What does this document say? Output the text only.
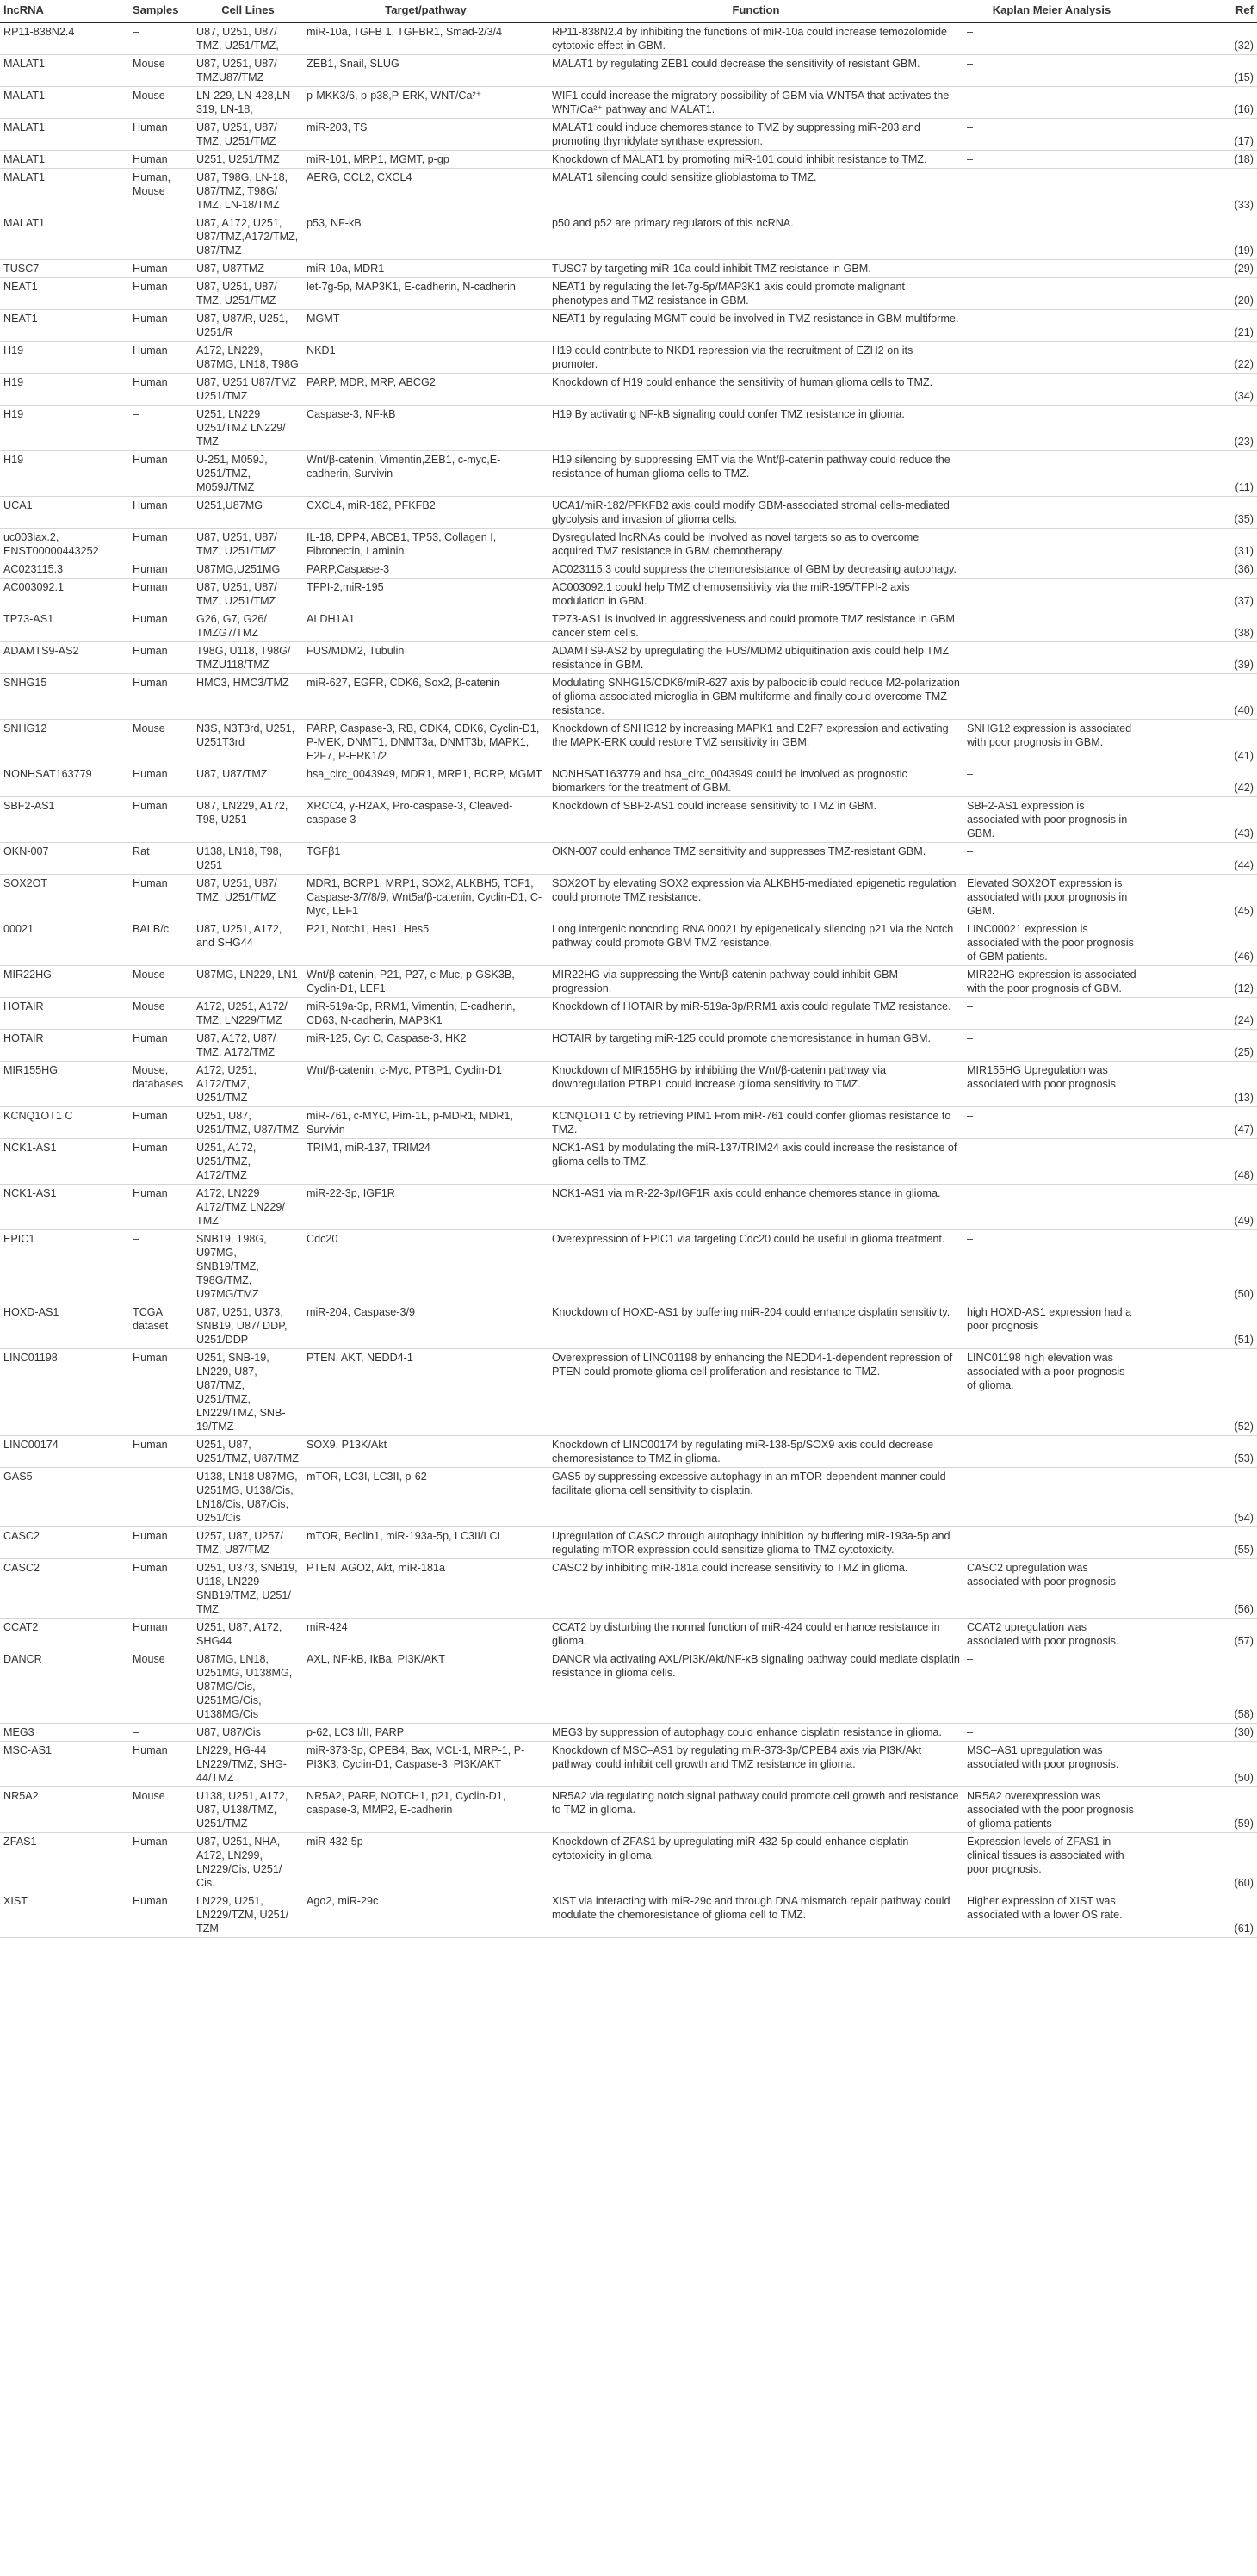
lncRNA	Samples	Cell Lines	Target/pathway	Function	Kaplan Meier Analysis	Ref
RP11-838N2.4	–	U87, U251, U87/ TMZ, U251/TMZ,	miR-10a, TGFB 1, TGFBR1, Smad-2/3/4	RP11-838N2.4 by inhibiting the functions of miR-10a could increase temozolomide cytotoxic effect in GBM.	–	(32)
MALAT1	Mouse	U87, U251, U87/ TMZU87/TMZ	ZEB1, Snail, SLUG	MALAT1 by regulating ZEB1 could decrease the sensitivity of resistant GBM.	–	(15)
MALAT1	Mouse	LN-229, LN-428,LN-319, LN-18,	p-MKK3/6, p-p38,P-ERK, WNT/Ca²⁺	WIF1 could increase the migratory possibility of GBM via WNT5A that activates the WNT/Ca²⁺ pathway and MALAT1.	–	(16)
MALAT1	Human	U87, U251, U87/ TMZ, U251/TMZ	miR-203, TS	MALAT1 could induce chemoresistance to TMZ by suppressing miR-203 and promoting thymidylate synthase expression.	–	(17)
MALAT1	Human	U251, U251/TMZ	miR-101, MRP1, MGMT, p-gp	Knockdown of MALAT1 by promoting miR-101 could inhibit resistance to TMZ.	–	(18)
MALAT1	Human, Mouse	U87, T98G, LN-18, U87/TMZ, T98G/ TMZ, LN-18/TMZ	AERG, CCL2, CXCL4	MALAT1 silencing could sensitize glioblastoma to TMZ.		(33)
MALAT1		U87, A172, U251, U87/TMZ,A172/TMZ, U87/TMZ	p53, NF-kB	p50 and p52 are primary regulators of this ncRNA.		(19)
TUSC7	Human	U87, U87TMZ	miR-10a, MDR1	TUSC7 by targeting miR-10a could inhibit TMZ resistance in GBM.		(29)
NEAT1	Human	U87, U251, U87/ TMZ, U251/TMZ	let-7g-5p, MAP3K1, E-cadherin, N-cadherin	NEAT1 by regulating the let-7g-5p/MAP3K1 axis could promote malignant phenotypes and TMZ resistance in GBM.		(20)
NEAT1	Human	U87, U87/R, U251, U251/R	MGMT	NEAT1 by regulating MGMT could be involved in TMZ resistance in GBM multiforme.		(21)
H19	Human	A172, LN229, U87MG, LN18, T98G	NKD1	H19 could contribute to NKD1 repression via the recruitment of EZH2 on its promoter.		(22)
H19	Human	U87, U251 U87/TMZ U251/TMZ	PARP, MDR, MRP, ABCG2	Knockdown of H19 could enhance the sensitivity of human glioma cells to TMZ.		(34)
H19	–	U251, LN229 U251/TMZ LN229/ TMZ	Caspase-3, NF-kB	H19 By activating NF-kB signaling could confer TMZ resistance in glioma.		(23)
H19	Human	U-251, M059J, U251/TMZ, M059J/TMZ	Wnt/β-catenin, Vimentin,ZEB1, c-myc,E-cadherin, Survivin	H19 silencing by suppressing EMT via the Wnt/β-catenin pathway could reduce the resistance of human glioma cells to TMZ.		(11)
UCA1	Human	U251,U87MG	CXCL4, miR-182, PFKFB2	UCA1/miR-182/PFKFB2 axis could modify GBM-associated stromal cells-mediated glycolysis and invasion of glioma cells.		(35)
uc003iax.2, ENST00000443252	Human	U87, U251, U87/ TMZ, U251/TMZ	IL-18, DPP4, ABCB1, TP53, Collagen I, Fibronectin, Laminin	Dysregulated lncRNAs could be involved as novel targets so as to overcome acquired TMZ resistance in GBM chemotherapy.		(31)
AC023115.3	Human	U87MG,U251MG	PARP,Caspase-3	AC023115.3 could suppress the chemoresistance of GBM by decreasing autophagy.		(36)
AC003092.1	Human	U87, U251, U87/ TMZ, U251/TMZ	TFPI-2,miR-195	AC003092.1 could help TMZ chemosensitivity via the miR-195/TFPI-2 axis modulation in GBM.		(37)
TP73-AS1	Human	G26, G7, G26/ TMZG7/TMZ	ALDH1A1	TP73-AS1 is involved in aggressiveness and could promote TMZ resistance in GBM cancer stem cells.		(38)
ADAMTS9-AS2	Human	T98G, U118, T98G/ TMZU118/TMZ	FUS/MDM2, Tubulin	ADAMTS9-AS2 by upregulating the FUS/MDM2 ubiquitination axis could help TMZ resistance in GBM.		(39)
SNHG15	Human	HMC3, HMC3/TMZ	miR-627, EGFR, CDK6, Sox2, β-catenin	Modulating SNHG15/CDK6/miR-627 axis by palbociclib could reduce M2-polarization of glioma-associated microglia in GBM multiforme and finally could overcome TMZ resistance.		(40)
SNHG12	Mouse	N3S, N3T3rd, U251, U251T3rd	PARP, Caspase-3, RB, CDK4, CDK6, Cyclin-D1, P-MEK, DNMT1, DNMT3a, DNMT3b, MAPK1, E2F7, P-ERK1/2	Knockdown of SNHG12 by increasing MAPK1 and E2F7 expression and activating the MAPK-ERK could restore TMZ sensitivity in GBM.	SNHG12 expression is associated with poor prognosis in GBM.	(41)
NONHSAT163779	Human	U87, U87/TMZ	hsa_circ_0043949, MDR1, MRP1, BCRP, MGMT	NONHSAT163779 and hsa_circ_0043949 could be involved as prognostic biomarkers for the treatment of GBM.	–	(42)
SBF2-AS1	Human	U87, LN229, A172, T98, U251	XRCC4, γ-H2AX, Pro-caspase-3, Cleaved-caspase 3	Knockdown of SBF2-AS1 could increase sensitivity to TMZ in GBM.	SBF2-AS1 expression is associated with poor prognosis in GBM.	(43)
OKN-007	Rat	U138, LN18, T98, U251	TGFβ1	OKN-007 could enhance TMZ sensitivity and suppresses TMZ-resistant GBM.	–	(44)
SOX2OT	Human	U87, U251, U87/ TMZ, U251/TMZ	MDR1, BCRP1, MRP1, SOX2, ALKBH5, TCF1, Caspase-3/7/8/9, Wnt5a/β-catenin, Cyclin-D1, C-Myc, LEF1	SOX2OT by elevating SOX2 expression via ALKBH5-mediated epigenetic regulation could promote TMZ resistance.	Elevated SOX2OT expression is associated with poor prognosis in GBM.	(45)
00021	BALB/c	U87, U251, A172, and SHG44	P21, Notch1, Hes1, Hes5	Long intergenic noncoding RNA 00021 by epigenetically silencing p21 via the Notch pathway could promote GBM TMZ resistance.	LINC00021 expression is associated with the poor prognosis of GBM patients.	(46)
MIR22HG	Mouse	U87MG, LN229, LN1	Wnt/β-catenin, P21, P27, c-Muc, p-GSK3B, Cyclin-D1, LEF1	MIR22HG via suppressing the Wnt/β-catenin pathway could inhibit GBM progression.	MIR22HG expression is associated with the poor prognosis of GBM.	(12)
HOTAIR	Mouse	A172, U251, A172/ TMZ, LN229/TMZ	miR-519a-3p, RRM1, Vimentin, E-cadherin, CD63, N-cadherin, MAP3K1	Knockdown of HOTAIR by miR-519a-3p/RRM1 axis could regulate TMZ resistance.	–	(24)
HOTAIR	Human	U87, A172, U87/ TMZ, A172/TMZ	miR-125, Cyt C, Caspase-3, HK2	HOTAIR by targeting miR-125 could promote chemoresistance in human GBM.	–	(25)
MIR155HG	Mouse, databases	A172, U251, A172/TMZ, U251/TMZ	Wnt/β-catenin, c-Myc, PTBP1, Cyclin-D1	Knockdown of MIR155HG by inhibiting the Wnt/β-catenin pathway via downregulation PTBP1 could increase glioma sensitivity to TMZ.	MIR155HG Upregulation was associated with poor prognosis	(13)
KCNQ1OT1 C	Human	U251, U87, U251/TMZ, U87/TMZ	miR-761, c-MYC, Pim-1L, p-MDR1, MDR1, Survivin	KCNQ1OT1 C by retrieving PIM1 From miR-761 could confer gliomas resistance to TMZ.	–	(47)
NCK1-AS1	Human	U251, A172, U251/TMZ, A172/TMZ	TRIM1, miR-137, TRIM24	NCK1-AS1 by modulating the miR-137/TRIM24 axis could increase the resistance of glioma cells to TMZ.		(48)
NCK1-AS1	Human	A172, LN229 A172/TMZ LN229/ TMZ	miR-22-3p, IGF1R	NCK1-AS1 via miR-22-3p/IGF1R axis could enhance chemoresistance in glioma.		(49)
EPIC1	–	SNB19, T98G, U97MG, SNB19/TMZ, T98G/TMZ, U97MG/TMZ	Cdc20	Overexpression of EPIC1 via targeting Cdc20 could be useful in glioma treatment.	–	(50)
HOXD-AS1	TCGA dataset	U87, U251, U373, SNB19, U87/ DDP, U251/DDP	miR-204, Caspase-3/9	Knockdown of HOXD-AS1 by buffering miR-204 could enhance cisplatin sensitivity.	high HOXD-AS1 expression had a poor prognosis	(51)
LINC01198	Human	U251, SNB-19, LN229, U87, U87/TMZ, U251/TMZ, LN229/TMZ, SNB-19/TMZ	PTEN, AKT, NEDD4-1	Overexpression of LINC01198 by enhancing the NEDD4-1-dependent repression of PTEN could promote glioma cell proliferation and resistance to TMZ.	LINC01198 high elevation was associated with a poor prognosis of glioma.	(52)
LINC00174	Human	U251, U87, U251/TMZ, U87/TMZ	SOX9, P13K/Akt	Knockdown of LINC00174 by regulating miR-138-5p/SOX9 axis could decrease chemoresistance to TMZ in glioma.		(53)
GAS5	–	U138, LN18 U87MG, U251MG, U138/Cis, LN18/Cis, U87/Cis, U251/Cis	mTOR, LC3I, LC3II, p-62	GAS5 by suppressing excessive autophagy in an mTOR-dependent manner could facilitate glioma cell sensitivity to cisplatin.		(54)
CASC2	Human	U257, U87, U257/ TMZ, U87/TMZ	mTOR, Beclin1, miR-193a-5p, LC3II/LCI	Upregulation of CASC2 through autophagy inhibition by buffering miR-193a-5p and regulating mTOR expression could sensitize glioma to TMZ cytotoxicity.		(55)
CASC2	Human	U251, U373, SNB19, U118, LN229 SNB19/TMZ, U251/ TMZ	PTEN, AGO2, Akt, miR-181a	CASC2 by inhibiting miR-181a could increase sensitivity to TMZ in glioma.	CASC2 upregulation was associated with poor prognosis	(56)
CCAT2	Human	U251, U87, A172, SHG44	miR-424	CCAT2 by disturbing the normal function of miR-424 could enhance resistance in glioma.	CCAT2 upregulation was associated with poor prognosis.	(57)
DANCR	Mouse	U87MG, LN18, U251MG, U138MG, U87MG/Cis, U251MG/Cis, U138MG/Cis	AXL, NF-kB, IkBa, PI3K/AKT	DANCR via activating AXL/PI3K/Akt/NF-κB signaling pathway could mediate cisplatin resistance in glioma cells.	–	(58)
MEG3	–	U87, U87/Cis	p-62, LC3 I/II, PARP	MEG3 by suppression of autophagy could enhance cisplatin resistance in glioma.	–	(30)
MSC-AS1	Human	LN229, HG-44 LN229/TMZ, SHG-44/TMZ	miR-373-3p, CPEB4, Bax, MCL-1, MRP-1, P-PI3K3, Cyclin-D1, Caspase-3, PI3K/AKT	Knockdown of MSC–AS1 by regulating miR-373-3p/CPEB4 axis via PI3K/Akt pathway could inhibit cell growth and TMZ resistance in glioma.	MSC–AS1 upregulation was associated with poor prognosis.	(50)
NR5A2	Mouse	U138, U251, A172, U87, U138/TMZ, U251/TMZ	NR5A2, PARP, NOTCH1, p21, Cyclin-D1, caspase-3, MMP2, E-cadherin	NR5A2 via regulating notch signal pathway could promote cell growth and resistance to TMZ in glioma.	NR5A2 overexpression was associated with the poor prognosis of glioma patients	(59)
ZFAS1	Human	U87, U251, NHA, A172, LN299, LN229/Cis, U251/ Cis.	miR-432-5p	Knockdown of ZFAS1 by upregulating miR-432-5p could enhance cisplatin cytotoxicity in glioma.	Expression levels of ZFAS1 in clinical tissues is associated with poor prognosis.	(60)
XIST	Human	LN229, U251, LN229/TZM, U251/ TZM	Ago2, miR-29c	XIST via interacting with miR-29c and through DNA mismatch repair pathway could modulate the chemoresistance of glioma cell to TMZ.	Higher expression of XIST was associated with a lower OS rate.	(61)
